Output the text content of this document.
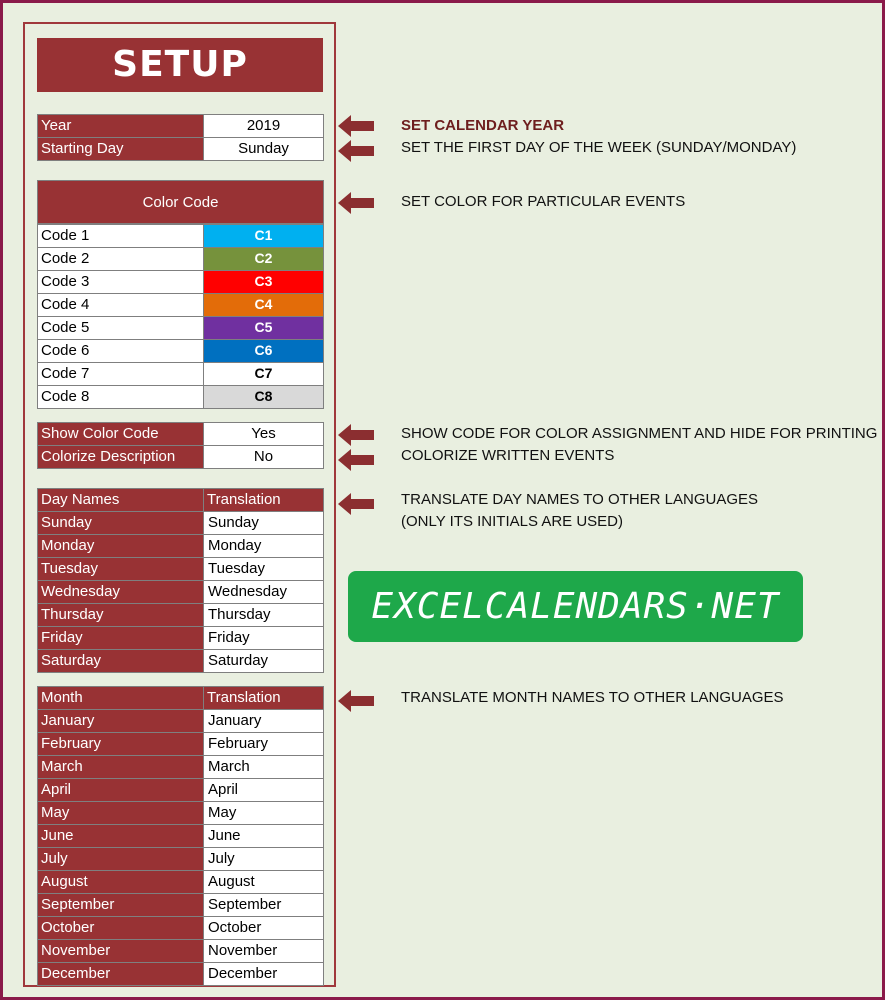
SETUP
Year	2019
Starting Day	Sunday
Color Code
Code 1	C1
Code 2	C2
Code 3	C3
Code 4	C4
Code 5	C5
Code 6	C6
Code 7	C7
Code 8	C8
Show Color Code	Yes
Colorize Description	No
Day Names	Translation
Sunday	Sunday
Monday	Monday
Tuesday	Tuesday
Wednesday	Wednesday
Thursday	Thursday
Friday	Friday
Saturday	Saturday
Month	Translation
January	January
February	February
March	March
April	April
May	May
June	June
July	July
August	August
September	September
October	October
November	November
December	December
SET CALENDAR YEAR
SET THE FIRST DAY OF THE WEEK (SUNDAY/MONDAY)
SET COLOR FOR PARTICULAR EVENTS
SHOW CODE FOR COLOR ASSIGNMENT AND HIDE FOR PRINTING
COLORIZE WRITTEN EVENTS
TRANSLATE DAY NAMES TO OTHER LANGUAGES
(ONLY ITS INITIALS ARE USED)
TRANSLATE MONTH NAMES TO OTHER LANGUAGES
EXCELCALENDARS·NET
